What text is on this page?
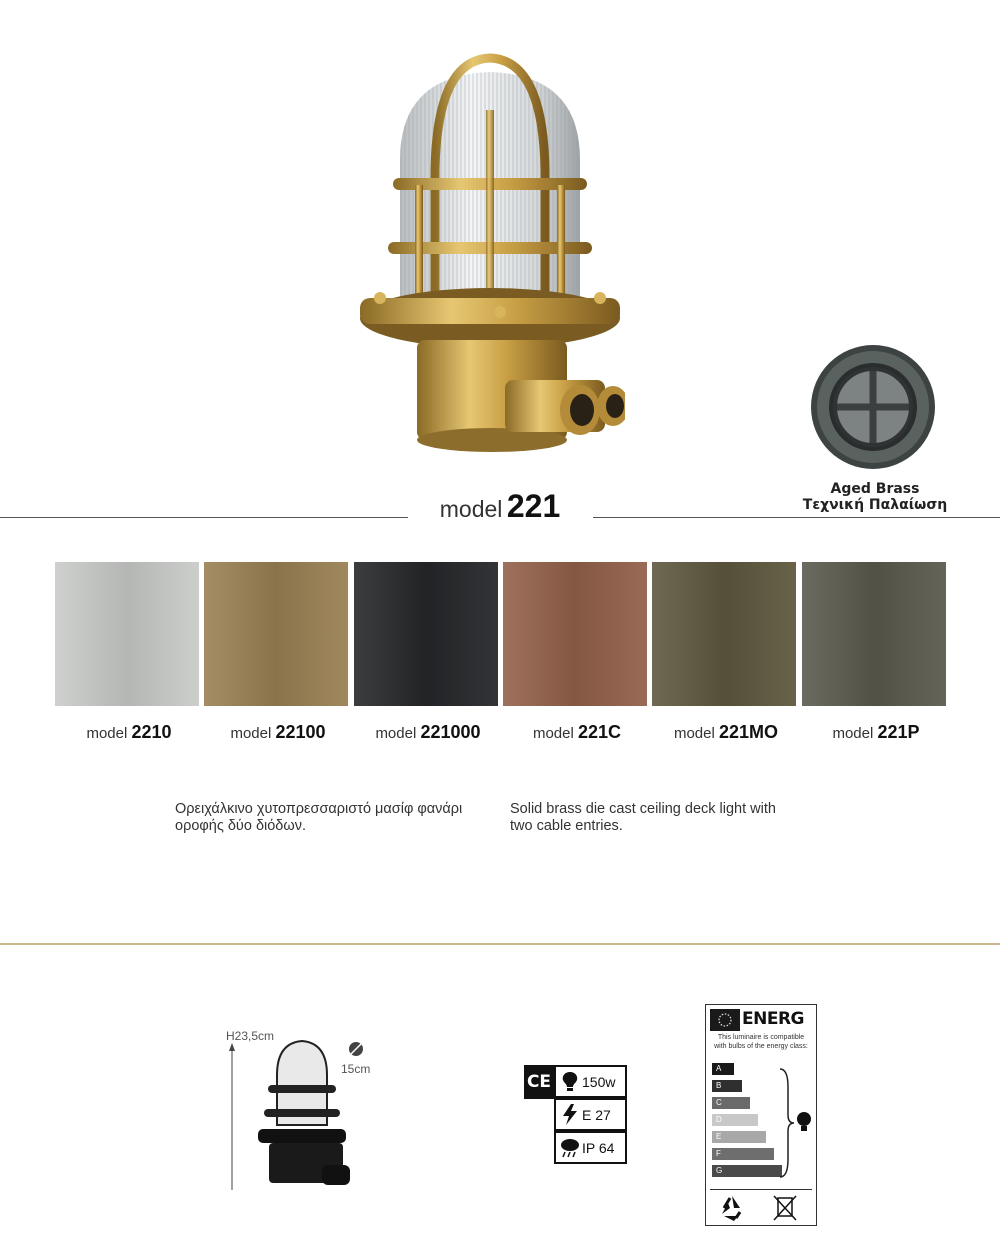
Aged Brass
Τεχνική Παλαίωση
model 221
model 2210	model 22100	model 221000	model 221C	model 221MO	model 221P
Ορειχάλκινο χυτοπρεσσαριστό μασίφ φανάρι
οροφής δύο διόδων.
Solid brass die cast ceiling deck light with
two cable entries.
H23,5cm
15cm
CE 150w
E 27
IP 64
ENERG
This luminaire is compatible
with bulbs of the energy class:
A
B
C
D
E
F
G
